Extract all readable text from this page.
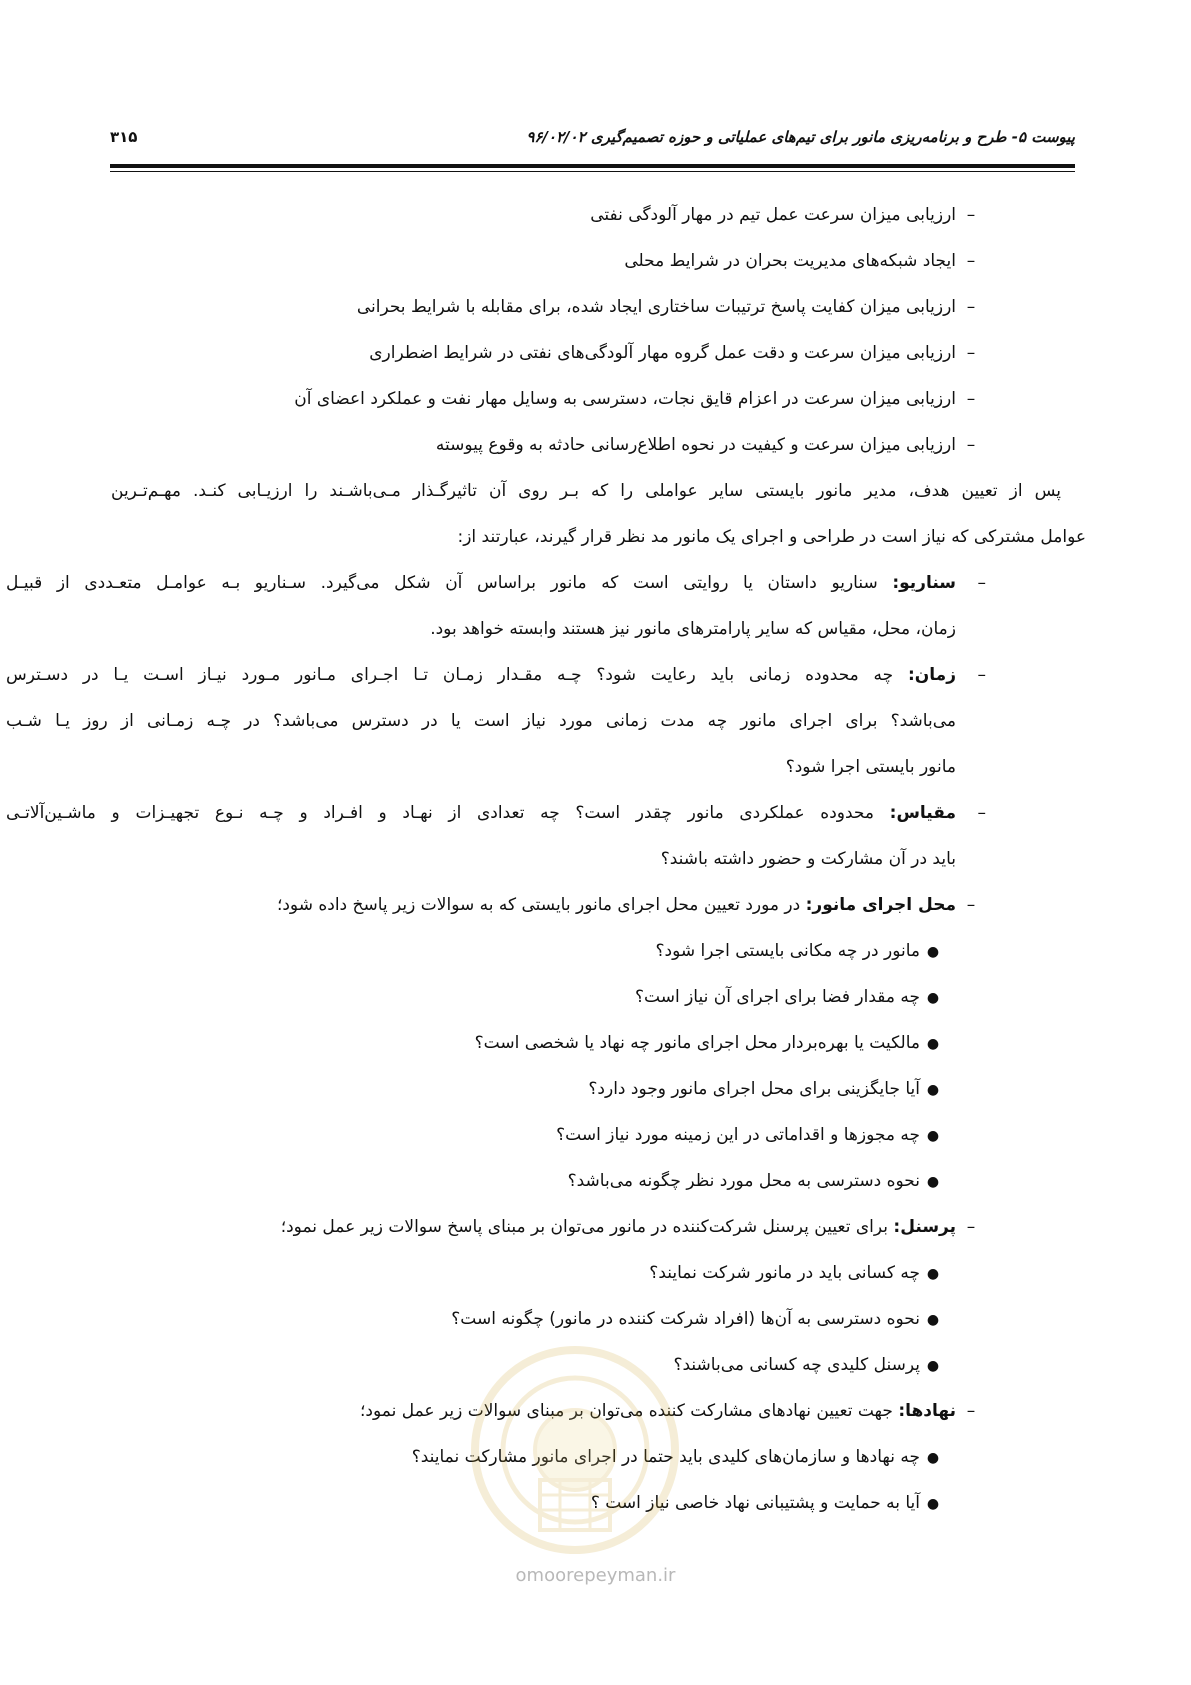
پیوست ۵- طرح و برنامه‌ریزی مانور برای تیم‌های عملیاتی و حوزه تصمیم‌گیری ۹۶/۰۲/۰۲
۳۱۵
–ارزیابی میزان سرعت عمل تیم در مهار آلودگی نفتی
–ایجاد شبکه‌های مدیریت بحران در شرایط محلی
–ارزیابی میزان کفایت پاسخ ترتیبات ساختاری ایجاد شده، برای مقابله با شرایط بحرانی
–ارزیابی میزان سرعت و دقت عمل گروه مهار آلودگی‌های نفتی در شرایط اضطراری
–ارزیابی میزان سرعت در اعزام قایق نجات، دسترسی به وسایل مهار نفت و عملکرد اعضای آن
–ارزیابی میزان سرعت و کیفیت در نحوه اطلاع‌رسانی حادثه به وقوع پیوسته
پس از تعیین هدف، مدیر مانور بایستی سایر عواملی را که بـر روی آن تاثیرگـذار مـی‌باشـند را ارزیـابی کنـد. مهـم‌تـرین
عوامل مشترکی که نیاز است در طراحی و اجرای یک مانور مد نظر قرار گیرند، عبارتند از:
–سناریو: سناریو داستان یا روایتی است که مانور براساس آن شکل می‌گیرد. سـناریو بـه عوامـل متعـددی از قبیـل
زمان، محل، مقیاس که سایر پارامترهای مانور نیز هستند وابسته خواهد بود.
–زمان: چه محدوده زمانی باید رعایت شود؟ چـه مقـدار زمـان تـا اجـرای مـانور مـورد نیـاز اسـت یـا در دسـترس
می‌باشد؟ برای اجرای مانور چه مدت زمانی مورد نیاز است یا در دسترس می‌باشد؟ در چـه زمـانی از روز یـا شـب
مانور بایستی اجرا شود؟
–مقیاس: محدوده عملکردی مانور چقدر است؟ چه تعدادی از نهـاد و افـراد و چـه نـوع تجهیـزات و ماشـین‌آلاتـی
باید در آن مشارکت و حضور داشته باشند؟
–محل اجرای مانور: در مورد تعیین محل اجرای مانور بایستی که به سوالات زیر پاسخ داده شود؛
●مانور در چه مکانی بایستی اجرا شود؟
●چه مقدار فضا برای اجرای آن نیاز است؟
●مالکیت یا بهره‌بردار محل اجرای مانور چه نهاد یا شخصی است؟
●آیا جایگزینی برای محل اجرای مانور وجود دارد؟
●چه مجوزها و اقداماتی در این زمینه مورد نیاز است؟
●نحوه دسترسی به محل مورد نظر چگونه می‌باشد؟
–پرسنل: برای تعیین پرسنل شرکت‌کننده در مانور می‌توان بر مبنای پاسخ سوالات زیر عمل نمود؛
●چه کسانی باید در مانور شرکت نمایند؟
●نحوه دسترسی به آن‌ها (افراد شرکت کننده در مانور) چگونه است؟
●پرسنل کلیدی چه کسانی می‌باشند؟
–نهادها: جهت تعیین نهادهای مشارکت کننده می‌توان بر مبنای سوالات زیر عمل نمود؛
●چه نهادها و سازمان‌های کلیدی باید حتما در اجرای مانور مشارکت نمایند؟
●آیا به حمایت و پشتیبانی نهاد خاصی نیاز است ؟
omoorepeyman.ir
